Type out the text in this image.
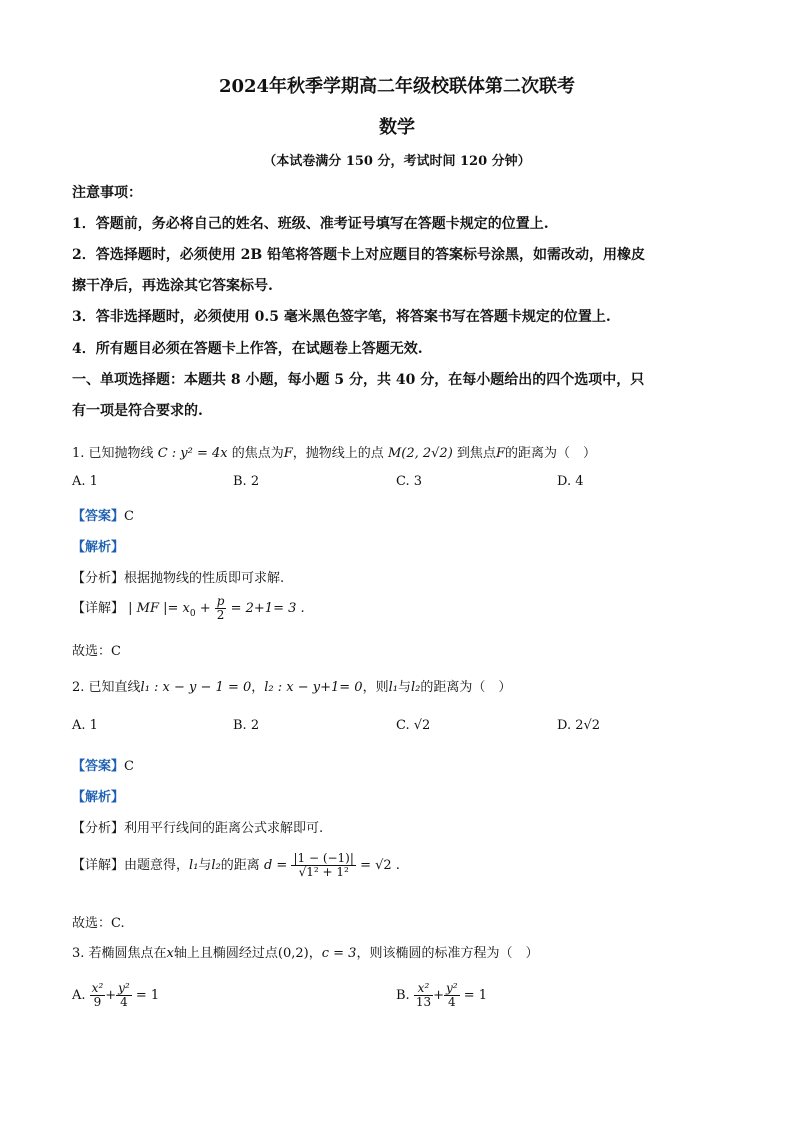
2024年秋季学期高二年级校联体第二次联考
数学
（本试卷满分 150 分，考试时间 120 分钟）
注意事项：
1．答题前，务必将自己的姓名、班级、准考证号填写在答题卡规定的位置上.
2．答选择题时，必须使用 2B 铅笔将答题卡上对应题目的答案标号涂黑，如需改动，用橡皮
擦干净后，再选涂其它答案标号.
3．答非选择题时，必须使用 0.5 毫米黑色签字笔，将答案书写在答题卡规定的位置上.
4．所有题目必须在答题卡上作答，在试题卷上答题无效.
一、单项选择题：本题共 8 小题，每小题 5 分，共 40 分，在每小题给出的四个选项中，只
有一项是符合要求的.
1. 已知抛物线 C : y² = 4x 的焦点为F，抛物线上的点 M(2, 2√2) 到焦点F的距离为（　）
A. 1	B. 2	C. 3	D. 4
【答案】C
【解析】
【分析】根据抛物线的性质即可求解.
【详解】 | MF |= $x_0 + \frac{p}{2} = 2+1= 3$ .
故选：C
2. 已知直线l₁ : x − y − 1 = 0，l₂ : x − y+1= 0，则l₁与l₂的距离为（　）
A. 1	B. 2	C. √2	D. 2√2
【答案】C
【解析】
【分析】利用平行线间的距离公式求解即可.
【详解】由题意得，l₁与l₂的距离 $d = \frac{|1 - (-1)|}{\text{√1² + 1²}} = √2$ .
故选：C.
3. 若椭圆焦点在x轴上且椭圆经过点(0,2)，c = 3，则该椭圆的标准方程为（　）
A. $\frac{\text{x²}}{9} + \frac{\text{y²}}{4} = 1$	B. $\frac{\text{x²}}{13} + \frac{\text{y²}}{4} = 1$
